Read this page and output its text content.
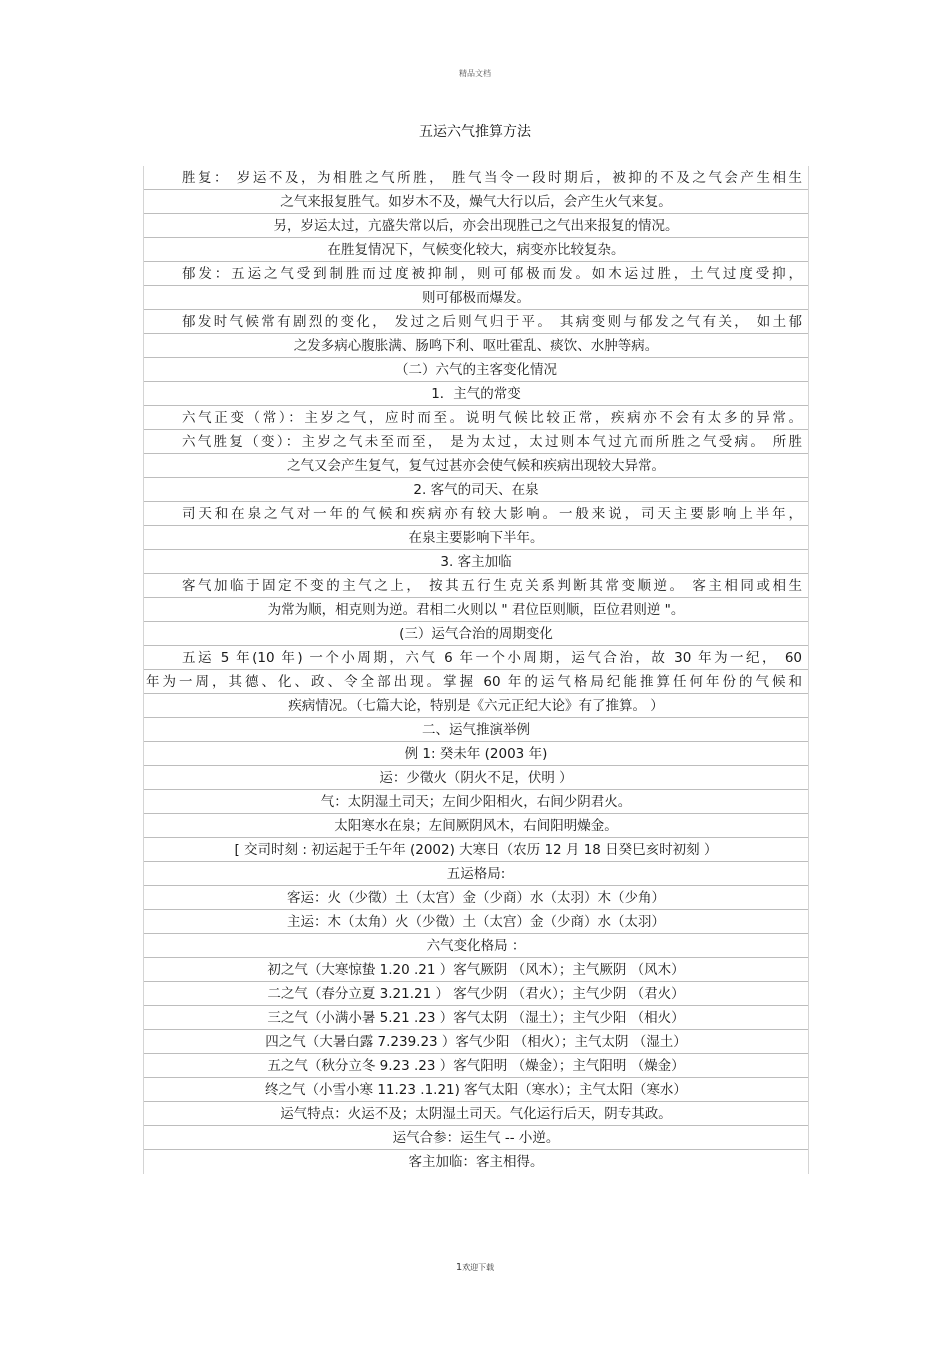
精品文档
五运六气推算方法
胜复： 岁运不及，为相胜之气所胜， 胜气当令一段时期后，被抑的不及之气会产生相生
之气来报复胜气。如岁木不及，燥气大行以后，会产生火气来复。
另，岁运太过，亢盛失常以后，亦会出现胜己之气出来报复的情况。
在胜复情况下，气候变化较大，病变亦比较复杂。
郁发：五运之气受到制胜而过度被抑制，则可郁极而发。如木运过胜，土气过度受抑，
则可郁极而爆发。
郁发时气候常有剧烈的变化， 发过之后则气归于平。 其病变则与郁发之气有关， 如土郁
之发多病心腹胀满、肠鸣下利、呕吐霍乱、痰饮、水肿等病。
（二）六气的主客变化情况
1．主气的常变
六气正变（常）：主岁之气，应时而至。说明气候比较正常，疾病亦不会有太多的异常。
六气胜复（变）：主岁之气未至而至， 是为太过，太过则本气过亢而所胜之气受病。 所胜
之气又会产生复气，复气过甚亦会使气候和疾病出现较大异常。
2. 客气的司天、在泉
司天和在泉之气对一年的气候和疾病亦有较大影响。一般来说，司天主要影响上半年，
在泉主要影响下半年。
3. 客主加临
客气加临于固定不变的主气之上， 按其五行生克关系判断其常变顺逆。 客主相同或相生
为常为顺，相克则为逆。君相二火则以 " 君位臣则顺，臣位君则逆 "。
(三）运气合治的周期变化
五运 5 年(10 年) 一个小周期，六气 6 年一个小周期，运气合治，故 30 年为一纪， 60
年为一周，其德、化、政、令全部出现。掌握 60 年的运气格局纪能推算任何年份的气候和
疾病情况。（七篇大论，特别是《六元正纪大论》有了推算。 ）
二、运气推演举例
例 1: 癸未年 (2003 年)
运：少徵火（阴火不足，伏明 ）
气：太阴湿土司天；左间少阳相火，右间少阴君火。
太阳寒水在泉；左间厥阴风木，右间阳明燥金。
[ 交司时刻 : 初运起于壬午年 (2002) 大寒日（农历 12 月 18 日癸巳亥时初刻 ）
五运格局:
客运：火（少徵）土（太宫）金（少商）水（太羽）木（少角）
主运：木（太角）火（少徵）土（太宫）金（少商）水（太羽）
六气变化格局 ：
初之气（大寒惊蛰 1.20 .21 ）客气厥阴 （风木）；主气厥阴 （风木）
二之气（春分立夏 3.21.21 ） 客气少阴 （君火）；主气少阴 （君火）
三之气（小满小暑 5.21 .23 ）客气太阴 （湿土）；主气少阳 （相火）
四之气（大暑白露 7.239.23 ）客气少阳 （相火）；主气太阴 （湿土）
五之气（秋分立冬 9.23 .23 ）客气阳明 （燥金）；主气阳明 （燥金）
终之气（小雪小寒 11.23 .1.21) 客气太阳（寒水）；主气太阳（寒水）
运气特点：火运不及；太阴湿土司天。气化运行后天，阴专其政。
运气合参：运生气 -- 小逆。
客主加临：客主相得。
1欢迎下载
